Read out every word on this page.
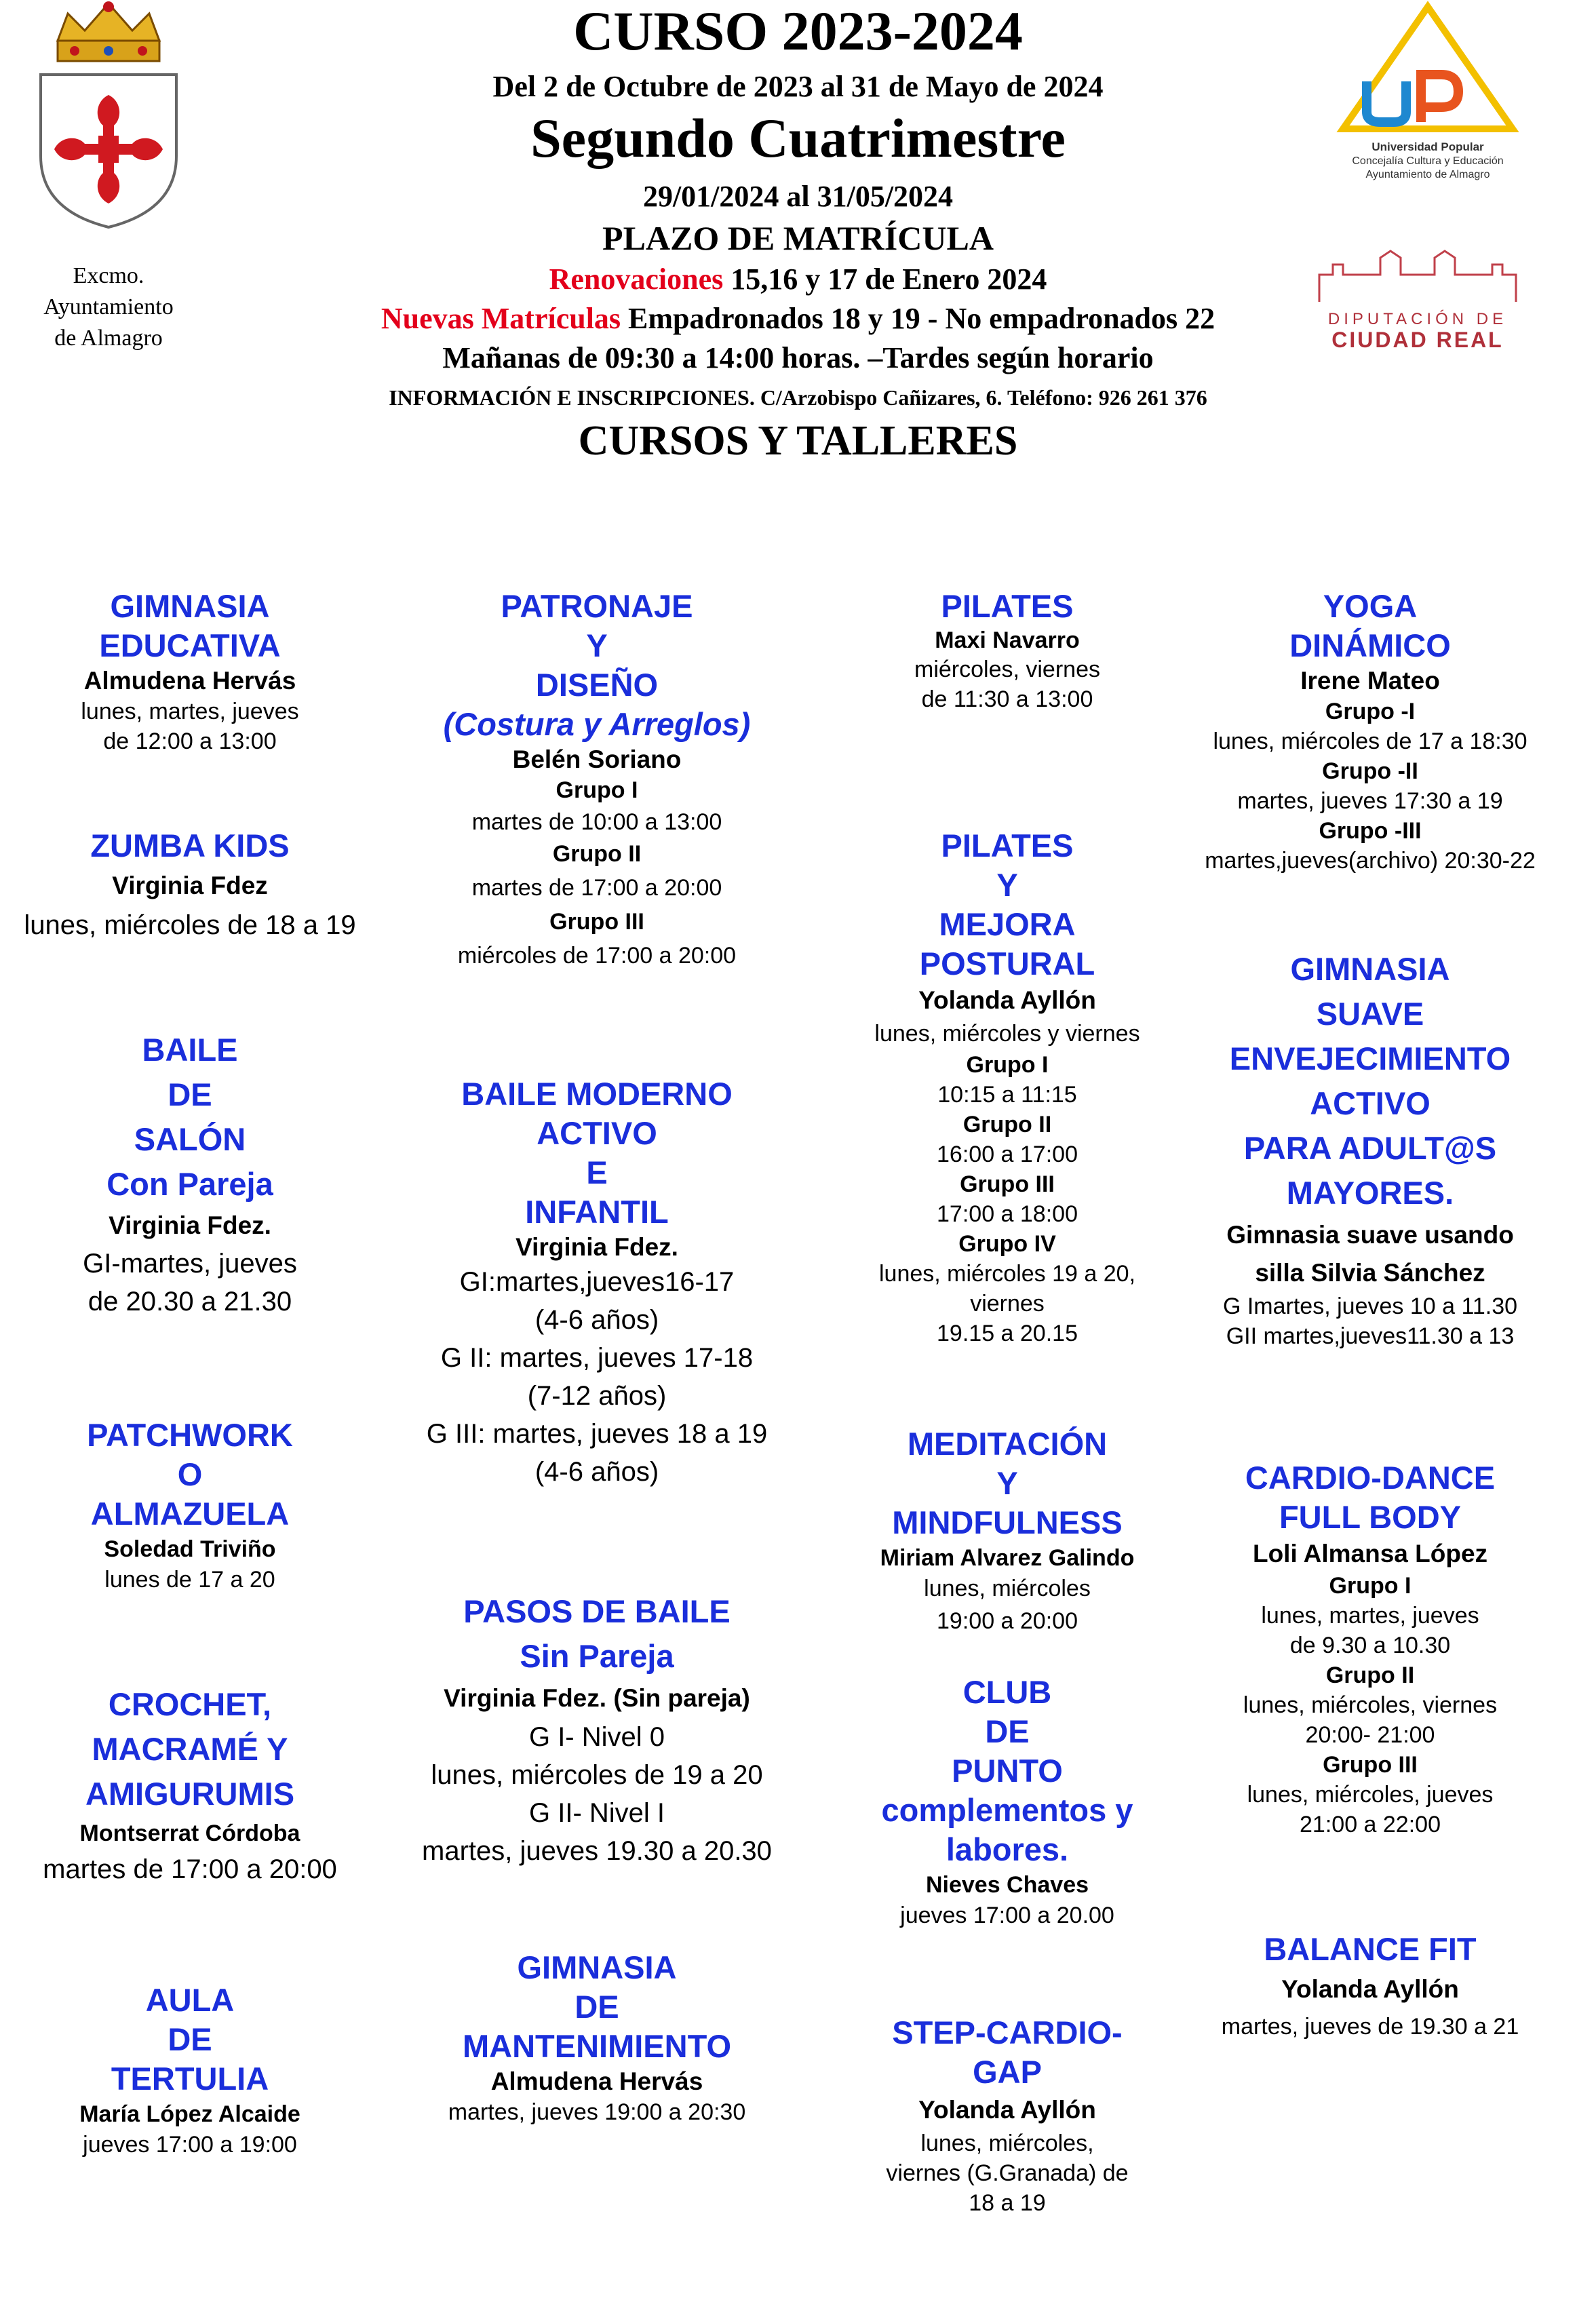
CURSO 2023-2024
Del 2 de Octubre de 2023 al 31 de Mayo de 2024
Segundo Cuatrimestre
29/01/2024 al 31/05/2024
PLAZO DE MATRÍCULA
Renovaciones 15,16 y 17 de Enero 2024
Nuevas Matrículas Empadronados 18 y 19 - No empadronados 22
Mañanas de 09:30 a 14:00 horas. –Tardes según horario
INFORMACIÓN E INSCRIPCIONES. C/Arzobispo Cañizares, 6. Teléfono: 926 261 376
CURSOS Y TALLERES
Excmo.
Ayuntamiento
de Almagro
Universidad Popular
Concejalía Cultura y Educación
Ayuntamiento de Almagro
DIPUTACIÓN DE
CIUDAD REAL
GIMNASIA
EDUCATIVA
Almudena Hervás
lunes, martes, jueves
de 12:00 a 13:00
ZUMBA KIDS
Virginia Fdez
lunes, miércoles de 18 a 19
BAILE
DE
SALÓN
Con Pareja
Virginia Fdez.
GI-martes, jueves
de 20.30 a 21.30
PATCHWORK
O
ALMAZUELA
Soledad Triviño
lunes de 17 a 20
CROCHET,
MACRAMÉ Y
AMIGURUMIS
Montserrat Córdoba
martes de 17:00 a 20:00
AULA
DE
TERTULIA
María López Alcaide
jueves 17:00 a 19:00
PATRONAJE
Y
DISEÑO
(Costura y Arreglos)
Belén Soriano
Grupo I
martes de 10:00 a 13:00
Grupo II
martes de 17:00 a 20:00
Grupo III
miércoles de 17:00 a 20:00
BAILE MODERNO
ACTIVO
E
INFANTIL
Virginia Fdez.
GI:martes,jueves16-17
(4-6 años)
G II: martes, jueves 17-18
(7-12 años)
G III: martes, jueves 18 a 19
(4-6 años)
PASOS DE BAILE
Sin Pareja
Virginia Fdez. (Sin pareja)
G I- Nivel 0
lunes, miércoles de 19 a 20
G II- Nivel I
martes, jueves 19.30 a 20.30
GIMNASIA
DE
MANTENIMIENTO
Almudena Hervás
martes, jueves 19:00 a 20:30
PILATES
Maxi Navarro
miércoles, viernes
de 11:30 a 13:00
PILATES
Y
MEJORA
POSTURAL
Yolanda Ayllón
lunes, miércoles y viernes
Grupo I
10:15 a 11:15
Grupo II
16:00 a 17:00
Grupo III
17:00 a 18:00
Grupo IV
lunes, miércoles 19 a 20,
viernes
19.15 a 20.15
MEDITACIÓN
Y
MINDFULNESS
Miriam Alvarez Galindo
lunes, miércoles
19:00 a 20:00
CLUB
DE
PUNTO
complementos y
labores.
Nieves Chaves
jueves 17:00 a 20.00
STEP-CARDIO-
GAP
Yolanda Ayllón
lunes, miércoles,
viernes (G.Granada) de
18 a 19
YOGA
DINÁMICO
Irene Mateo
Grupo -I
lunes, miércoles de 17 a 18:30
Grupo -II
martes, jueves 17:30 a 19
Grupo -III
martes,jueves(archivo) 20:30-22
GIMNASIA
SUAVE
ENVEJECIMIENTO
ACTIVO
PARA ADULT@S
MAYORES.
Gimnasia suave usando
silla Silvia Sánchez
G Imartes, jueves 10 a 11.30
GII martes,jueves11.30 a 13
CARDIO-DANCE
FULL BODY
Loli Almansa López
Grupo I
lunes, martes, jueves
de 9.30 a 10.30
Grupo II
lunes, miércoles, viernes
20:00- 21:00
Grupo III
lunes, miércoles, jueves
21:00 a 22:00
BALANCE FIT
Yolanda Ayllón
martes, jueves de 19.30 a 21
